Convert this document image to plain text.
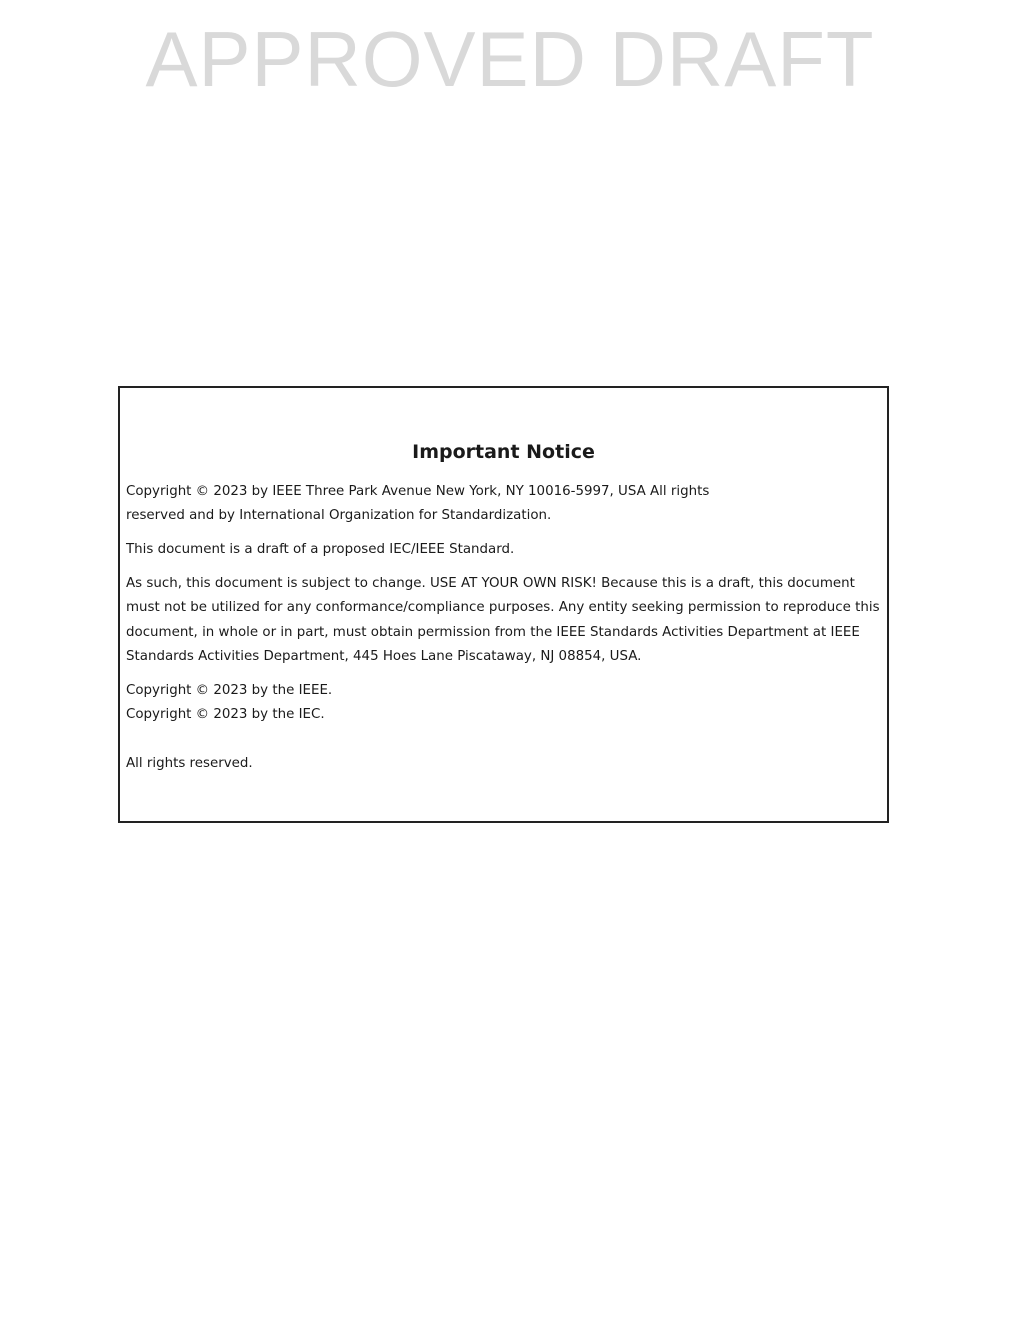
APPROVED DRAFT
Important Notice
Copyright © 2023 by IEEE Three Park Avenue New York, NY 10016-5997, USA All rights
reserved and by International Organization for Standardization.
This document is a draft of a proposed IEC/IEEE Standard.
As such, this document is subject to change. USE AT YOUR OWN RISK! Because this is a draft, this document
must not be utilized for any conformance/compliance purposes. Any entity seeking permission to reproduce this
document, in whole or in part, must obtain permission from the IEEE Standards Activities Department at IEEE
Standards Activities Department, 445 Hoes Lane Piscataway, NJ 08854, USA.
Copyright © 2023 by the IEEE.
Copyright © 2023 by the IEC.
All rights reserved.
